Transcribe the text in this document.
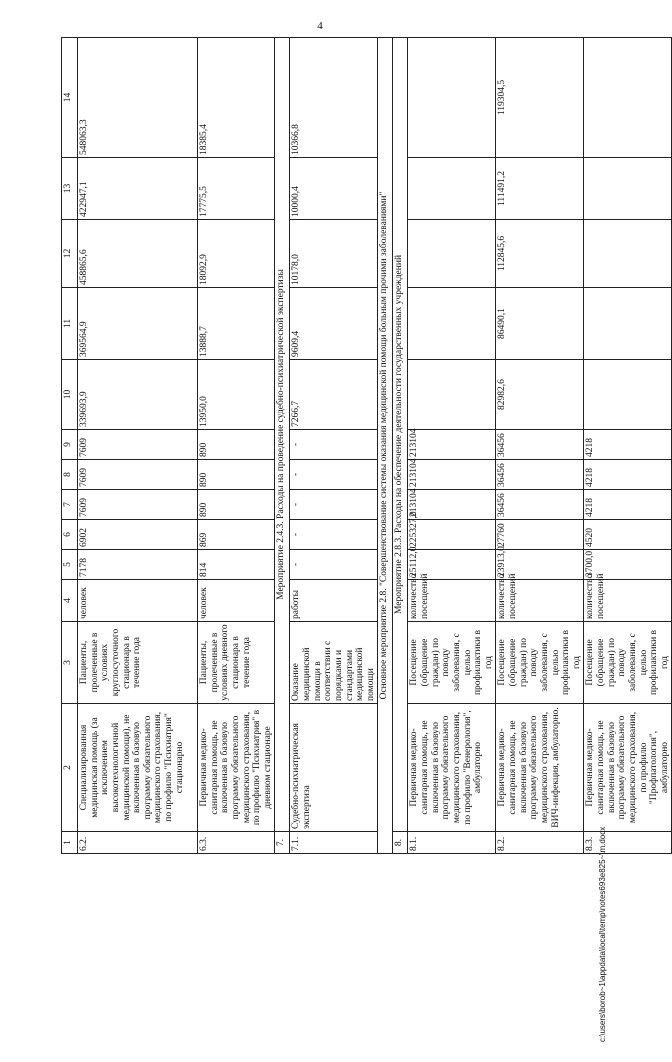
4
1	2	3	4	5	6	7	8	9	10	11	12	13	14
6.2.	Специализированная медицинская помощь (за исключением высокотехнологичной медицинской помощи), не включенная в базовую программу обязательного медицинского страхования, по профилю "Психиатрия" стационарно	Пациенты, пролеченные в условиях круглосуточного стационара в течение года	человек	7178	6902	7609	7609	7609	339693,9	369564,9	458865,6	422947,1	548063,3
6.3.	Первичная медико-санитарная помощь, не включенная в базовую программу обязательного медицинского страхования, по профилю "Психиатрия" в дневном стационаре	Пациенты, пролеченные в условиях дневного стационара в течение года	человек	814	869	890	890	890	13950,0	13888,7	18092,9	17775,5	18385,4
7.	Мероприятие 2.4.3. Расходы на проведение судебно-психиатрической экспертизы												
7.1.	Судебно-психиатрическая экспертиза	Оказание медицинской помощи в соответствии с порядками и стандартами медицинской помощи	работы	-	-	-	-	-	7266,7	9609,4	10178,0	10000,4	10366,8
Основное мероприятие 2.8. "Совершенствование системы оказания медицинской помощи больным прочими заболеваниями"													
8.	Мероприятие 2.8.3. Расходы на обеспечение деятельности государственных учреждений												
8.1.	Первичная медико-санитарная помощь, не включенная в базовую программу обязательного медицинского страхования, по профилю "Венерология", амбулаторно	Посещение (обращение граждан) по поводу заболевания, с целью профилактики в год	количество посещений	25112,0	225327,0	213104	213104	213104					
8.2.	Первичная медико-санитарная помощь, не включенная в базовую программу обязательного медицинского страхования, ВИЧ-инфекция, амбулаторно.	Посещение (обращение граждан) по поводу заболевания, с целью профилактики в год	количество посещений	23913,0	27760	36456	36456	36456	82982,6	86490,1	112845,6	111491,2	119304,5
8.3.	Первичная медико-санитарная помощь, не включенная в базовую программу обязательного медицинского страхования, по профилю "Профпатология", амбулаторно	Посещение (обращение граждан) по поводу заболевания, с целью профилактики в год	количество посещений	3700,0	4520	4218	4218	4218					
c:\users\borob~1\appdata\local\temp\notes693e825~\m.docx
